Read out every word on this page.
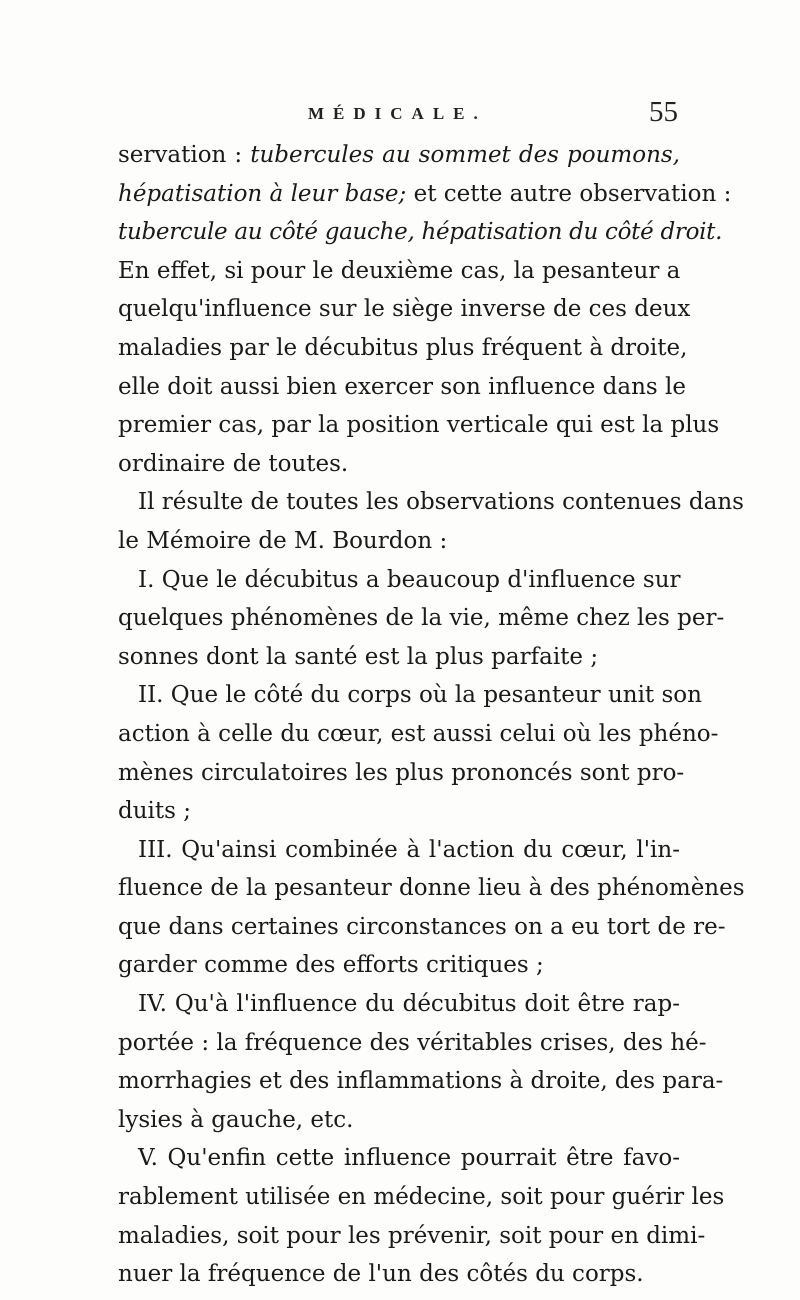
MÉDICALE.	55
servation : tubercules au sommet des poumons,
hépatisation à leur base; et cette autre observation :
tubercule au côté gauche, hépatisation du côté droit.
En effet, si pour le deuxième cas, la pesanteur a
quelqu'influence sur le siège inverse de ces deux
maladies par le décubitus plus fréquent à droite,
elle doit aussi bien exercer son influence dans le
premier cas, par la position verticale qui est la plus
ordinaire de toutes.
Il résulte de toutes les observations contenues dans
le Mémoire de M. Bourdon :
I. Que le décubitus a beaucoup d'influence sur
quelques phénomènes de la vie, même chez les per-
sonnes dont la santé est la plus parfaite ;
II. Que le côté du corps où la pesanteur unit son
action à celle du cœur, est aussi celui où les phéno-
mènes circulatoires les plus prononcés sont pro-
duits ;
III. Qu'ainsi combinée à l'action du cœur, l'in-
fluence de la pesanteur donne lieu à des phénomènes
que dans certaines circonstances on a eu tort de re-
garder comme des efforts critiques ;
IV. Qu'à l'influence du décubitus doit être rap-
portée : la fréquence des véritables crises, des hé-
morrhagies et des inflammations à droite, des para-
lysies à gauche, etc.
V. Qu'enfin cette influence pourrait être favo-
rablement utilisée en médecine, soit pour guérir les
maladies, soit pour les prévenir, soit pour en dimi-
nuer la fréquence de l'un des côtés du corps.
